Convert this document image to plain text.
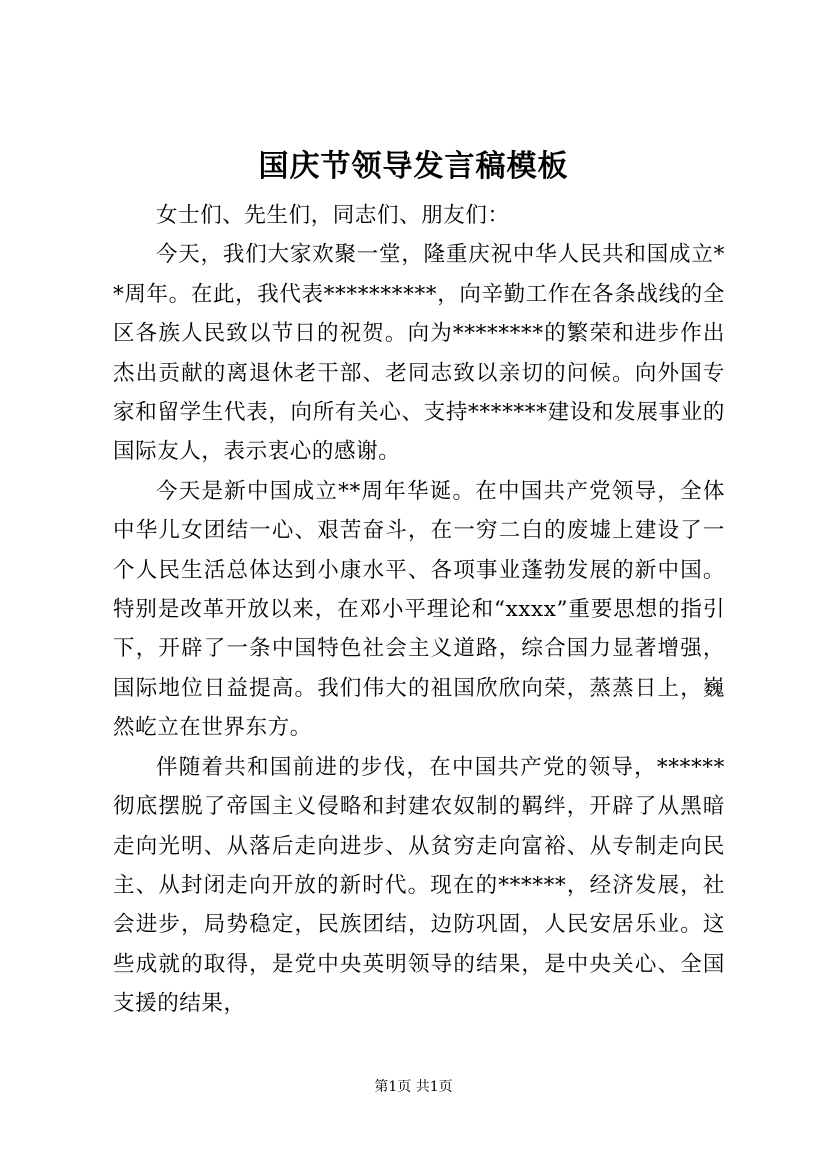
国庆节领导发言稿模板

女士们、先生们，同志们、朋友们：

今天，我们大家欢聚一堂，隆重庆祝中华人民共和国成立**周年。在此，我代表**********，向辛勤工作在各条战线的全区各族人民致以节日的祝贺。向为********的繁荣和进步作出杰出贡献的离退休老干部、老同志致以亲切的问候。向外国专家和留学生代表，向所有关心、支持*******建设和发展事业的国际友人，表示衷心的感谢。

今天是新中国成立**周年华诞。在中国共产党领导，全体中华儿女团结一心、艰苦奋斗，在一穷二白的废墟上建设了一个人民生活总体达到小康水平、各项事业蓬勃发展的新中国。特别是改革开放以来，在邓小平理论和“xxxx”重要思想的指引下，开辟了一条中国特色社会主义道路，综合国力显著增强，国际地位日益提高。我们伟大的祖国欣欣向荣，蒸蒸日上，巍然屹立在世界东方。

伴随着共和国前进的步伐，在中国共产党的领导，******彻底摆脱了帝国主义侵略和封建农奴制的羁绊，开辟了从黑暗走向光明、从落后走向进步、从贫穷走向富裕、从专制走向民主、从封闭走向开放的新时代。现在的******，经济发展，社会进步，局势稳定，民族团结，边防巩固，人民安居乐业。这些成就的取得，是党中央英明领导的结果，是中央关心、全国支援的结果，

第1页 共1页
